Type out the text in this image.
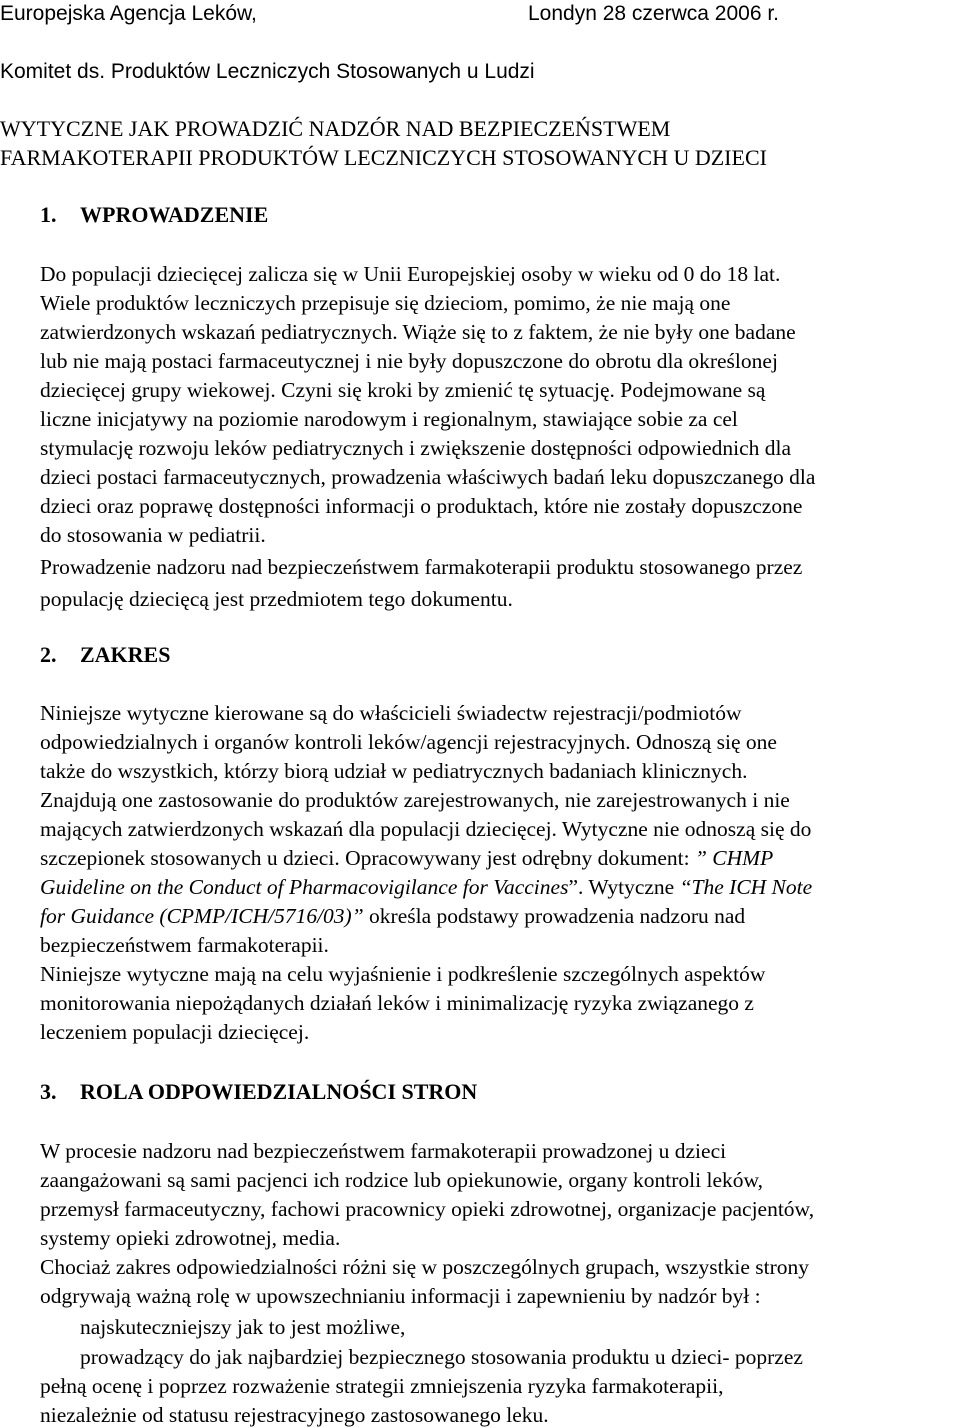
Europejska Agencja Leków,	Londyn 28 czerwca 2006 r.
Komitet ds. Produktów Leczniczych Stosowanych u Ludzi
WYTYCZNE JAK PROWADZIĆ NADZÓR NAD BEZPIECZEŃSTWEM
FARMAKOTERAPII PRODUKTÓW LECZNICZYCH STOSOWANYCH U DZIECI
1. WPROWADZENIE
Do populacji dziecięcej zalicza się w Unii Europejskiej osoby w wieku od 0 do 18 lat.
Wiele produktów leczniczych przepisuje się dzieciom, pomimo, że nie mają one
zatwierdzonych wskazań pediatrycznych. Wiąże się to z faktem, że nie były one badane
lub nie mają postaci farmaceutycznej i nie były dopuszczone do obrotu dla określonej
dziecięcej grupy wiekowej. Czyni się kroki by zmienić tę sytuację. Podejmowane są
liczne inicjatywy na poziomie narodowym i regionalnym, stawiające sobie za cel
stymulację rozwoju leków pediatrycznych i zwiększenie dostępności odpowiednich dla
dzieci postaci farmaceutycznych, prowadzenia właściwych badań leku dopuszczanego dla
dzieci oraz poprawę dostępności informacji o produktach, które nie zostały dopuszczone
do stosowania w pediatrii.
Prowadzenie nadzoru nad bezpieczeństwem farmakoterapii produktu stosowanego przez
populację dziecięcą jest przedmiotem tego dokumentu.
2. ZAKRES
Niniejsze wytyczne kierowane są do właścicieli świadectw rejestracji/podmiotów
odpowiedzialnych i organów kontroli leków/agencji rejestracyjnych. Odnoszą się one
także do wszystkich, którzy biorą udział w pediatrycznych badaniach klinicznych.
Znajdują one zastosowanie do produktów zarejestrowanych, nie zarejestrowanych i nie
mających zatwierdzonych wskazań dla populacji dziecięcej. Wytyczne nie odnoszą się do
szczepionek stosowanych u dzieci. Opracowywany jest odrębny dokument: ” CHMP
Guideline on the Conduct of Pharmacovigilance for Vaccines”. Wytyczne “The ICH Note
for Guidance (CPMP/ICH/5716/03)” określa podstawy prowadzenia nadzoru nad
bezpieczeństwem farmakoterapii.
Niniejsze wytyczne mają na celu wyjaśnienie i podkreślenie szczególnych aspektów
monitorowania niepożądanych działań leków i minimalizację ryzyka związanego z
leczeniem populacji dziecięcej.
3. ROLA ODPOWIEDZIALNOŚCI STRON
W procesie nadzoru nad bezpieczeństwem farmakoterapii prowadzonej u dzieci
zaangażowani są sami pacjenci ich rodzice lub opiekunowie, organy kontroli leków,
przemysł farmaceutyczny, fachowi pracownicy opieki zdrowotnej, organizacje pacjentów,
systemy opieki zdrowotnej, media.
Chociaż zakres odpowiedzialności różni się w poszczególnych grupach, wszystkie strony
odgrywają ważną rolę w upowszechnianiu informacji i zapewnieniu by nadzór był :
najskuteczniejszy jak to jest możliwe,
prowadzący do jak najbardziej bezpiecznego stosowania produktu u dzieci- poprzez
pełną ocenę i poprzez rozważenie strategii zmniejszenia ryzyka farmakoterapii,
niezależnie od statusu rejestracyjnego zastosowanego leku.
